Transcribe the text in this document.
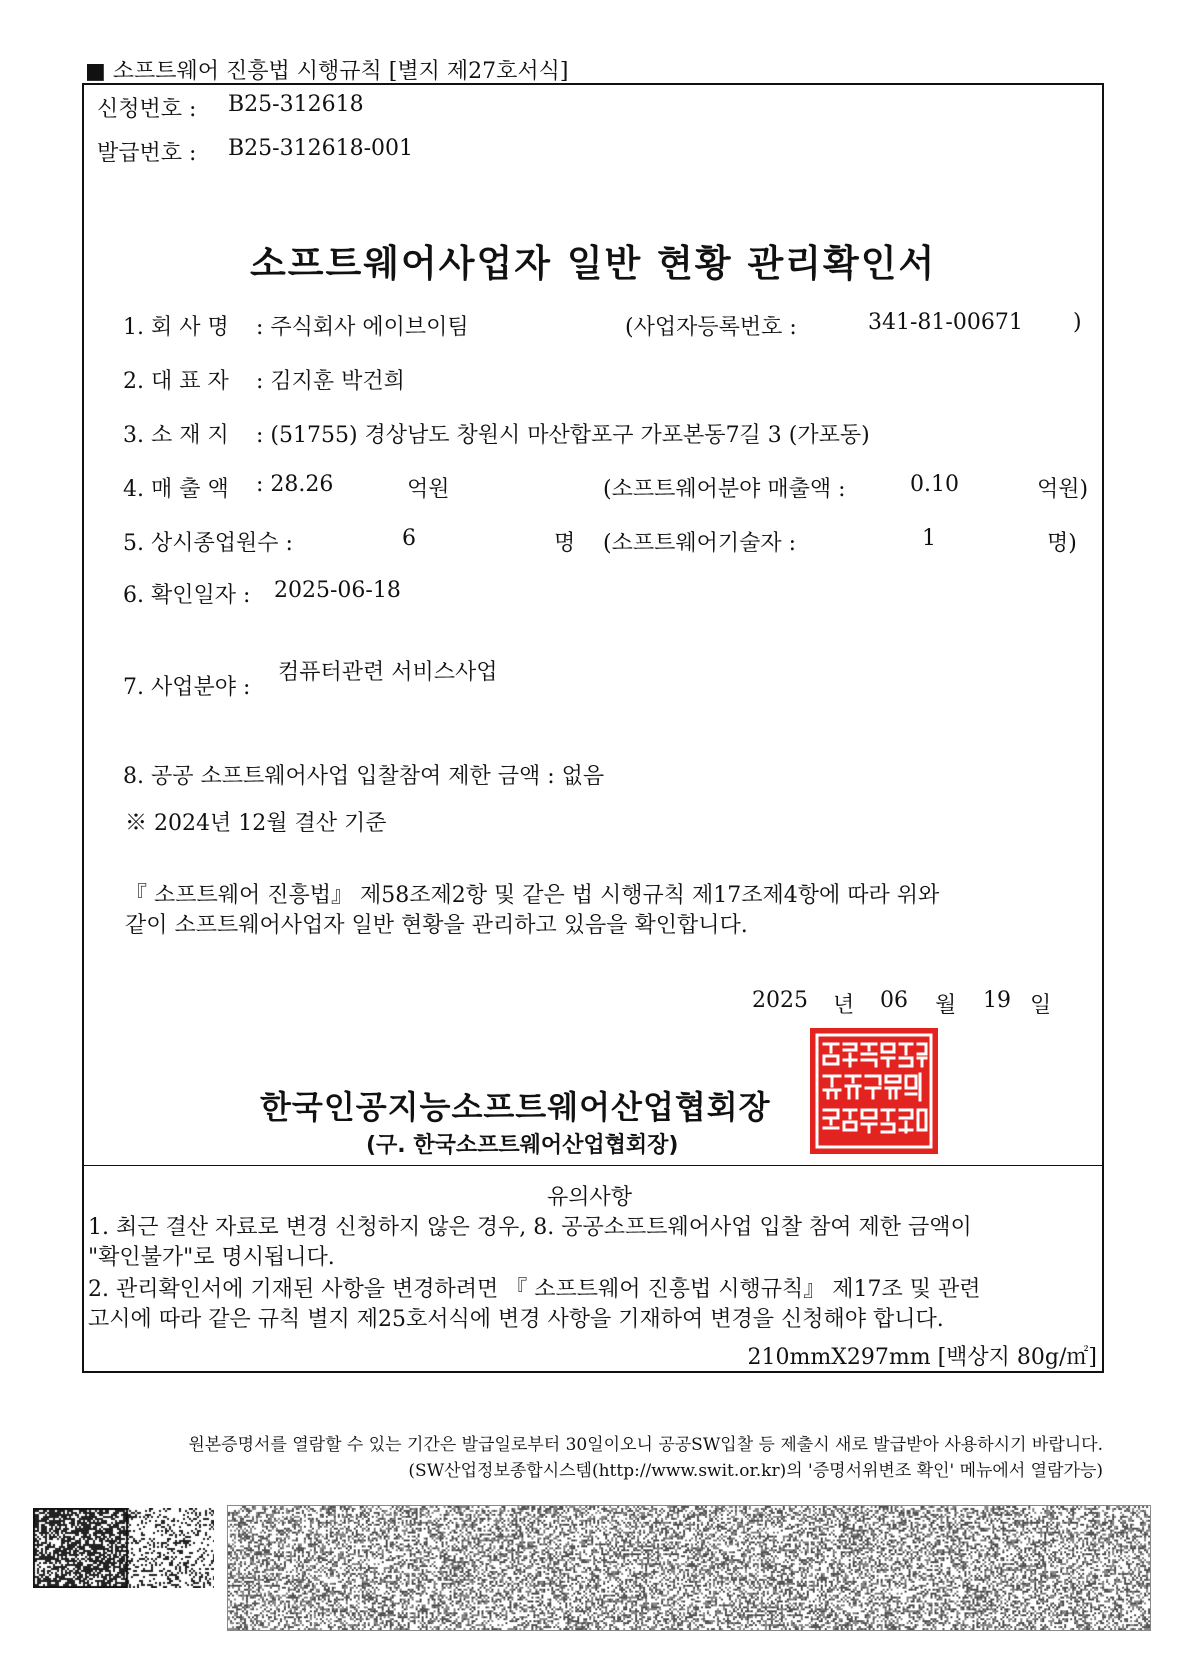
■ 소프트웨어 진흥법 시행규칙 [별지 제27호서식]
신청번호 : B25-312618
발급번호 : B25-312618-001
소프트웨어사업자 일반 현황 관리확인서
1. 회 사 명 : 주식회사 에이브이팀	(사업자등록번호 :	341-81-00671 )
2. 대 표 자 : 김지훈 박건희
3. 소 재 지 : (51755) 경상남도 창원시 마산합포구 가포본동7길 3 (가포동)
4. 매 출 액 : 28.26	억원	(소프트웨어분야 매출액 :	0.10	억원)
5. 상시종업원수 :	6	명 (소프트웨어기술자 :	1	명)
6. 확인일자 : 2025-06-18
7. 사업분야 :
컴퓨터관련 서비스사업
8. 공공 소프트웨어사업 입찰참여 제한 금액 : 없음
※ 2024년 12월 결산 기준
『 소프트웨어 진흥법』 제58조제2항 및 같은 법 시행규칙 제17조제4항에 따라 위와
같이 소프트웨어사업자 일반 현황을 관리하고 있음을 확인합니다.
2025 년 06 월 19 일
한국인공지능소프트웨어산업협회장
(구. 한국소프트웨어산업협회장)
유의사항
1. 최근 결산 자료로 변경 신청하지 않은 경우, 8. 공공소프트웨어사업 입찰 참여 제한 금액이
"확인불가"로 명시됩니다.
2. 관리확인서에 기재된 사항을 변경하려면 『 소프트웨어 진흥법 시행규칙』 제17조 및 관련
고시에 따라 같은 규칙 별지 제25호서식에 변경 사항을 기재하여 변경을 신청해야 합니다.
210mmX297mm [백상지 80g/㎡]
원본증명서를 열람할 수 있는 기간은 발급일로부터 30일이오니 공공SW입찰 등 제출시 새로 발급받아 사용하시기 바랍니다.
(SW산업정보종합시스템(http://www.swit.or.kr)의 '증명서위변조 확인' 메뉴에서 열람가능)
